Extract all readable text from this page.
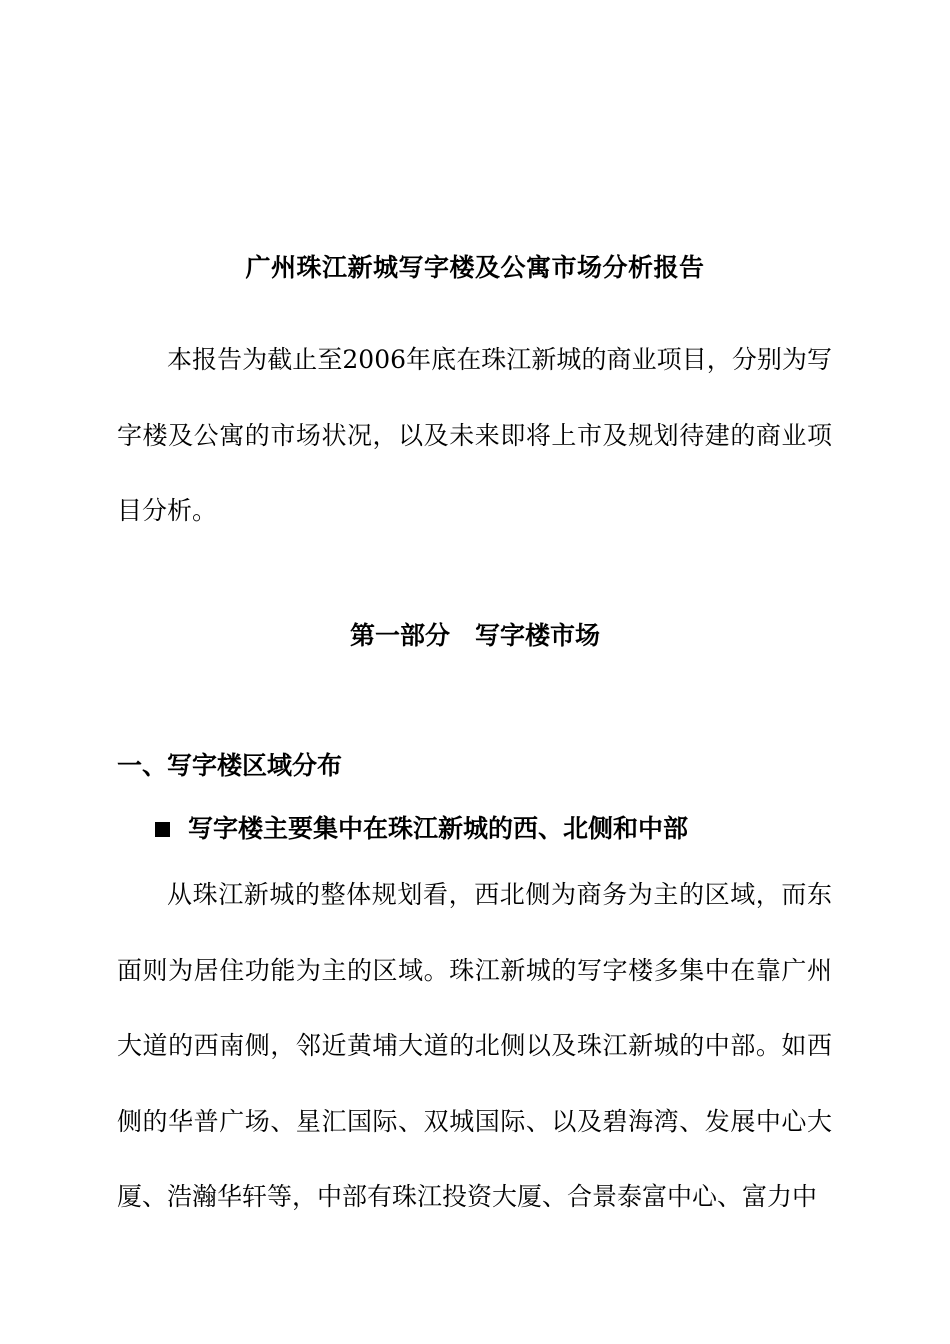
广州珠江新城写字楼及公寓市场分析报告

本报告为截止至2006年底在珠江新城的商业项目，分别为写字楼及公寓的市场状况，以及未来即将上市及规划待建的商业项目分析。

第一部分　写字楼市场
一、写字楼区域分布
写字楼主要集中在珠江新城的西、北侧和中部

从珠江新城的整体规划看，西北侧为商务为主的区域，而东面则为居住功能为主的区域。珠江新城的写字楼多集中在靠广州大道的西南侧，邻近黄埔大道的北侧以及珠江新城的中部。如西侧的华普广场、星汇国际、双城国际、以及碧海湾、发展中心大厦、浩瀚华轩等，中部有珠江投资大厦、合景泰富中心、富力中
